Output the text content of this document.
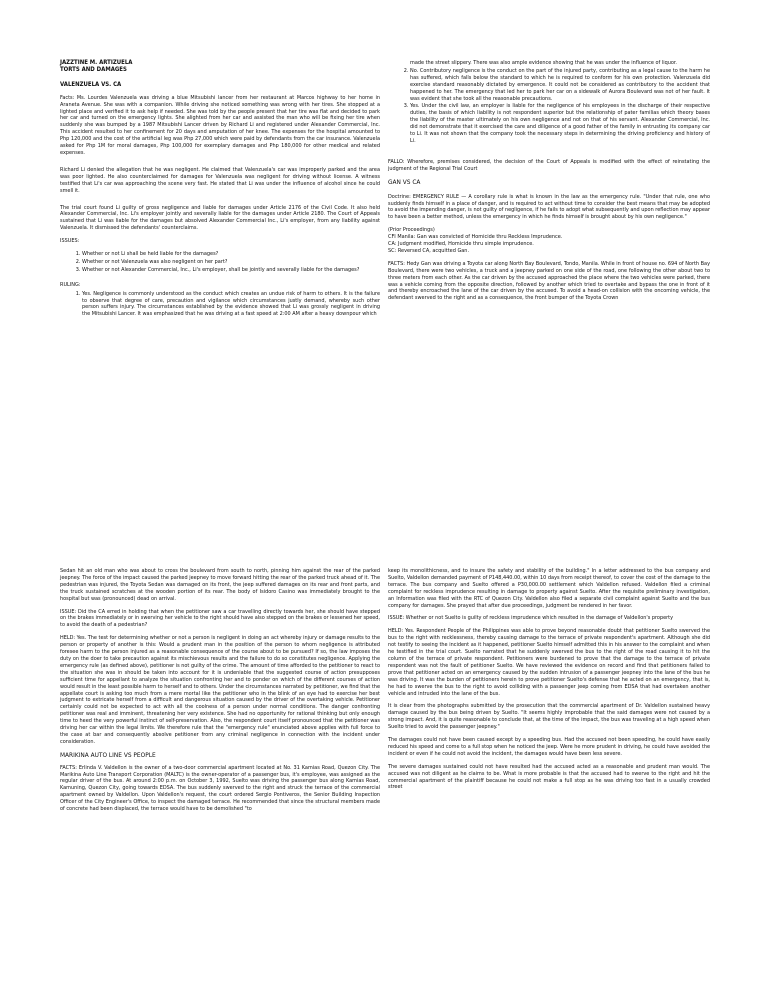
JAZZTINE M. ARTIZUELA
TORTS AND DAMAGES
VALENZUELA VS. CA

Facts: Ms. Lourdes Valenzuela was driving a blue Mitsubishi lancer from her restaurant at Marcos highway to her home in Araneta Avenue. She was with a companion. While driving she noticed something was wrong with her tires. She stopped at a lighted place and verified it to ask help if needed. She was told by the people present that her tire was flat and decided to park her car and turned on the emergency lights. She alighted from her car and assisted the man who will be fixing her tire when suddenly she was bumped by a 1987 Mitsubishi Lancer driven by Richard Li and registered under Alexander Commercial, Inc. This accident resulted to her confinement for 20 days and amputation of her knee. The expenses for the hospital amounted to Php 120,000 and the cost of the artificial leg was Php 27,000 which were paid by defendants from the car insurance. Valenzuela asked for Php 1M for moral damages, Php 100,000 for exemplary damages and Php 180,000 for other medical and related expenses.

Richard Li denied the allegation that he was negligent. He claimed that Valenzuela's car was improperly parked and the area was poor lighted. He also counterclaimed for damages for Valenzuela was negligent for driving without license. A witness testified that Li's car was approaching the scene very fast. He stated that Li was under the influence of alcohol since he could smell it.

The trial court found Li guilty of gross negligence and liable for damages under Article 2176 of the Civil Code. It also held Alexander Commercial, Inc. Li's employer jointly and severally liable for the damages under Article 2180. The Court of Appeals sustained that Li was liable for the damages but absolved Alexander Commercial Inc., Li's employer, from any liability against Valenzuela. It dismissed the defendants' counterclaims.

ISSUES:

1. Whether or not Li shall be held liable for the damages?
2. Whether or not Valenzuela was also negligent on her part?
3. Whether or not Alexander Commercial, Inc., Li's employer, shall be jointly and severally liable for the damages?

RULING:

1. Yes. Negligence is commonly understood as the conduct which creates an undue risk of harm to others. It is the failure to observe that degree of care, precaution and vigilance which circumstances justly demand, whereby such other person suffers injury. The circumstances established by the evidence showed that Li was grossly negligent in driving the Mitsubishi Lancer. It was emphasized that he was driving at a fast speed at 2:00 AM after a heavy downpour which

made the street slippery. There was also ample evidence showing that he was under the influence of liquor.

2. No. Contributory negligence is the conduct on the part of the injured party, contributing as a legal cause to the harm he has suffered, which falls below the standard to which he is required to conform for his own protection. Valenzuela did exercise standard reasonably dictated by emergence. It could not be considered as contributory to the accident that happened to her. The emergency that led her to park her car on a sidewalk of Aurora Boulevard was not of her fault. It was evident that she took all the reasonable precautions.
3. Yes. Under the civil law, an employer is liable for the negligence of his employees in the discharge of their respective duties, the basis of which liability is not respondent superior but the relationship of pater familias which theory bases the liability of the master ultimately on his own negligence and not on that of his servant. Alexander Commercial, Inc. did not demonstrate that it exercised the care and diligence of a good father of the family in entrusting its company car to Li. It was not shown that the company took the necessary steps in determining the driving proficiency and history of Li.

FALLO: Wherefore, premises considered, the decision of the Court of Appeals is modified with the effect of reinstating the judgment of the Regional Trial Court

GAN VS CA

Doctrine: EMERGENCY RULE — A corollary rule is what is known in the law as the emergency rule. "Under that rule, one who suddenly finds himself in a place of danger, and is required to act without time to consider the best means that may be adopted to avoid the impending danger, is not guilty of negligence, if he fails to adopt what subsequently and upon reflection may appear to have been a better method, unless the emergency in which he finds himself is brought about by his own negligence."

(Prior Proceedings)
CFI Manila: Gan was convicted of Homicide thru Reckless Imprudence.
CA: Judgment modified, Homicide thru simple imprudence.
SC: Reversed CA, acquitted Gan.

FACTS: Hedy Gan was driving a Toyota car along North Bay Boulevard, Tondo, Manila. While in front of house no. 694 of North Bay Boulevard, there were two vehicles, a truck and a jeepney parked on one side of the road, one following the other about two to three meters from each other. As the car driven by the accused approached the place where the two vehicles were parked, there was a vehicle coming from the opposite direction, followed by another which tried to overtake and bypass the one in front of it and thereby encroached the lane of the car driven by the accused. To avoid a head-on collision with the oncoming vehicle, the defendant swerved to the right and as a consequence, the front bumper of the Toyota Crown

Sedan hit an old man who was about to cross the boulevard from south to north, pinning him against the rear of the parked jeepney. The force of the impact caused the parked jeepney to move forward hitting the rear of the parked truck ahead of it. The pedestrian was injured, the Toyota Sedan was damaged on its front, the jeep suffered damages on its rear and front parts, and the truck sustained scratches at the wooden portion of its rear. The body of Isidoro Casino was immediately brought to the hospital but was (pronounced) dead on arrival.

ISSUE: Did the CA erred in holding that when the petitioner saw a car travelling directly towards her, she should have stepped on the brakes immediately or in swerving her vehicle to the right should have also stepped on the brakes or lessened her speed, to avoid the death of a pedestrian?

HELD: Yes. The test for determining whether or not a person is negligent in doing an act whereby injury or damage results to the person or property of another is this: Would a prudent man in the position of the person to whom negligence is attributed foresee harm to the person injured as a reasonable consequence of the course about to be pursued? If so, the law imposes the duty on the doer to take precaution against its mischievous results and the failure to do so constitutes negligence. Applying the emergency rule (as defined above), petitioner is not guilty of the crime. The amount of time afforded to the petitioner to react to the situation she was in should be taken into account for it is undeniable that the suggested course of action presupposes sufficient time for appellant to analyze the situation confronting her and to ponder on which of the different courses of action would result in the least possible harm to herself and to others. Under the circumstances narrated by petitioner, we find that the appellate court is asking too much from a mere mortal like the petitioner who in the blink of an eye had to exercise her best judgment to extricate herself from a difficult and dangerous situation caused by the driver of the overtaking vehicle. Petitioner certainly could not be expected to act with all the coolness of a person under normal conditions. The danger confronting petitioner was real and imminent, threatening her very existence. She had no opportunity for rational thinking but only enough time to heed the very powerful instinct of self-preservation. Also, the respondent court itself pronounced that the petitioner was driving her car within the legal limits. We therefore rule that the "emergency rule" enunciated above applies with full force to the case at bar and consequently absolve petitioner from any criminal negligence in connection with the incident under consideration.

MARIKINA AUTO LINE VS PEOPLE

FACTS: Erlinda V. Valdellon is the owner of a two-door commercial apartment located at No. 31 Kamias Road, Quezon City. The Marikina Auto Line Transport Corporation (MALTC) is the owner-operator of a passenger bus, it's employee, was assigned as the regular driver of the bus. At around 2:00 p.m. on October 3, 1992, Suelto was driving the passenger bus along Kamias Road, Kamuning, Quezon City, going towards EDSA. The bus suddenly swerved to the right and struck the terrace of the commercial apartment owned by Valdellon. Upon Valdellon's request, the court ordered Sergio Pontiveros, the Senior Building Inspection Officer of the City Engineer's Office, to inspect the damaged terrace. He recommended that since the structural members made of concrete had been displaced, the terrace would have to be demolished "to

keep its monolithicness, and to insure the safety and stability of the building." In a letter addressed to the bus company and Suelto, Valdellon demanded payment of P148,440.00, within 10 days from receipt thereof, to cover the cost of the damage to the terrace. The bus company and Suelto offered a P30,000.00 settlement which Valdellon refused. Valdellon filed a criminal complaint for reckless imprudence resulting in damage to property against Suelto. After the requisite preliminary investigation, an Information was filed with the RTC of Quezon City. Valdellon also filed a separate civil complaint against Suelto and the bus company for damages. She prayed that after due proceedings, judgment be rendered in her favor.

ISSUE: Whether or not Suelto is guilty of reckless imprudence which resulted in the damage of Valdellon's property

HELD: Yes. Respondent People of the Philippines was able to prove beyond reasonable doubt that petitioner Suelto swerved the bus to the right with recklessness, thereby causing damage to the terrace of private respondent's apartment. Although she did not testify to seeing the incident as it happened, petitioner Suelto himself admitted this in his answer to the complaint and when he testified in the trial court. Suelto narrated that he suddenly swerved the bus to the right of the road causing it to hit the column of the terrace of private respondent. Petitioners were burdened to prove that the damage to the terrace of private respondent was not the fault of petitioner Suelto. We have reviewed the evidence on record and find that petitioners failed to prove that petitioner acted on an emergency caused by the sudden intrusion of a passenger jeepney into the lane of the bus he was driving. It was the burden of petitioners herein to prove petitioner Suelto's defense that he acted on an emergency, that is, he had to swerve the bus to the right to avoid colliding with a passenger jeep coming from EDSA that had overtaken another vehicle and intruded into the lane of the bus.

It is clear from the photographs submitted by the prosecution that the commercial apartment of Dr. Valdellon sustained heavy damage caused by the bus being driven by Suelto. "It seems highly improbable that the said damages were not caused by a strong impact. And, it is quite reasonable to conclude that, at the time of the impact, the bus was traveling at a high speed when Suelto tried to avoid the passenger jeepney."

The damages could not have been caused except by a speeding bus. Had the accused not been speeding, he could have easily reduced his speed and come to a full stop when he noticed the jeep. Were he more prudent in driving, he could have avoided the incident or even if he could not avoid the incident, the damages would have been less severe.

The severe damages sustained could not have resulted had the accused acted as a reasonable and prudent man would. The accused was not diligent as he claims to be. What is more probable is that the accused had to swerve to the right and hit the commercial apartment of the plaintiff because he could not make a full stop as he was driving too fast in a usually crowded street
